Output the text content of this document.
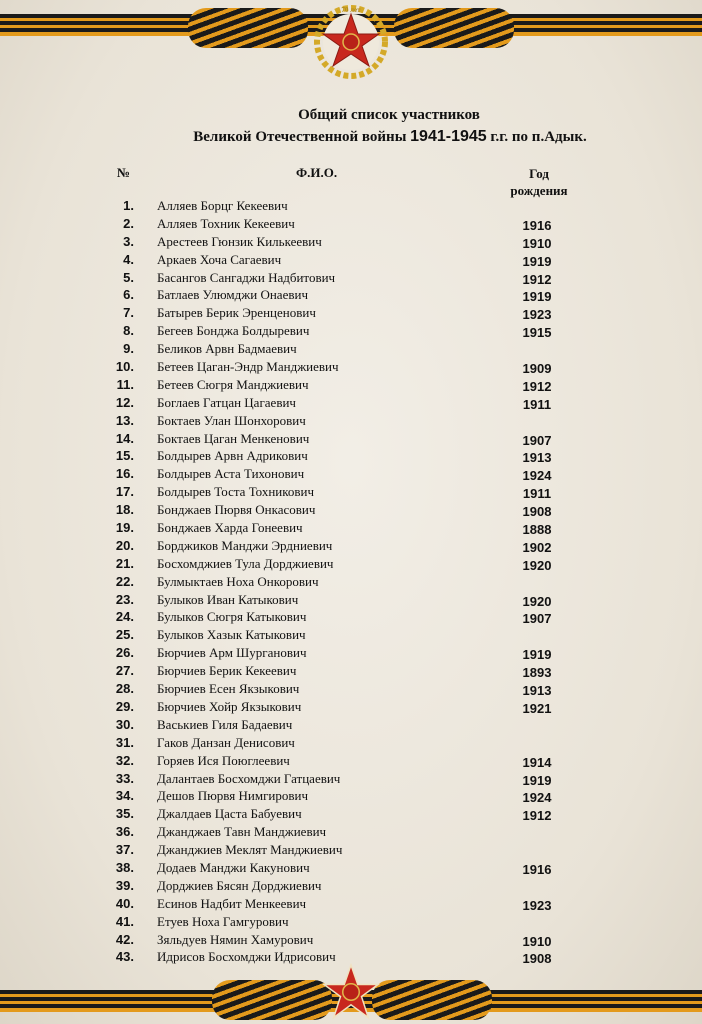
70 лет
Общий список участников
Великой Отечественной войны 1941-1945 г.г. по п.Адык.
№	Ф.И.О.	Год
рождения
1. Алляев Борцг Кекеевич
2. Алляев Тохник Кекеевич	1916
3. Арестеев Гюнзик Килькеевич	1910
4. Аркаев Хоча Сагаевич	1919
5. Басангов Сангаджи Надбитович	1912
6. Батлаев Улюмджи Онаевич	1919
7. Батырев Берик Эренценович	1923
8. Бегеев Бонджа Болдыревич	1915
9. Беликов Арвн Бадмаевич
10. Бетеев Цаган-Эндр Манджиевич	1909
11. Бетеев Сюгря Манджиевич	1912
12. Боглаев Гатцан Цагаевич	1911
13. Боктаев Улан Шонхорович
14. Боктаев Цаган Менкенович	1907
15. Болдырев Арвн Адрикович	1913
16. Болдырев Аста Тихонович	1924
17. Болдырев Тоста Тохникович	1911
18. Бонджаев Пюрвя Онкасович	1908
19. Бонджаев Харда Гонеевич	1888
20. Борджиков Манджи Эрдниевич	1902
21. Босхомджиев Тула Дорджиевич	1920
22. Булмыктаев Ноха Онкорович
23. Булыков Иван Катыкович	1920
24. Булыков Сюгря Катыкович	1907
25. Булыков Хазык Катыкович
26. Бюрчиев Арм Шурганович	1919
27. Бюрчиев Берик Кекеевич	1893
28. Бюрчиев Есен Якзыкович	1913
29. Бюрчиев Хойр Якзыкович	1921
30. Васькиев Гиля Бадаевич
31. Гаков Данзан Денисович
32. Горяев Ися Поюглеевич	1914
33. Далантаев Босхомджи Гатцаевич	1919
34. Дешов Пюрвя Нимгирович	1924
35. Джалдаев Цаста Бабуевич	1912
36. Джанджаев Тавн Манджиевич
37. Джанджиев Меклят Манджиевич
38. Додаев Манджи Какунович	1916
39. Дорджиев Бясян Дорджиевич
40. Есинов Надбит Менкеевич	1923
41. Етуев Ноха Гамгурович
42. Зяльдуев Нямин Хамурович	1910
43. Идрисов Босхомджи Идрисович	1908
